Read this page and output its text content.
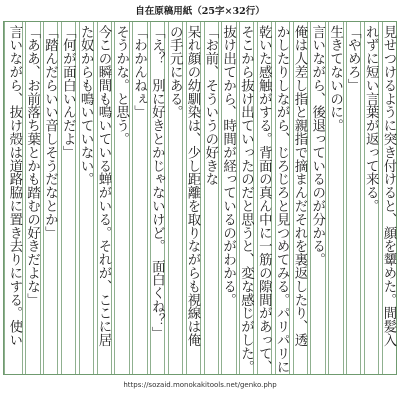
自在原稿用紙（25字×32行）
見せつけるように突き付けると、顔を顰めた。間髪入
れずに短い言葉が返って来る。
「やめろ」
生きてないのに。
言いながら、後退っているのが分かる。
俺は人差し指と親指で摘まんだそれを裏返したり、透
かしたりしながら、じろじろと見つめてみる。パリパリに
乾いた感触がする。背面の真ん中に一筋の隙間があって、
そこから抜け出ていったのだと思うと、変な感じがした。
抜け出てから、時間が経っているのがわかる。
「お前、そういうの好きな
呆れ顔の幼馴染は、少し距離を取りながらも視線は俺
の手元にある。
「え？　別に好きとかじゃないけど。　面白くね？」
「わかんねぇ」
そうかな。と思う。
今この瞬間も鳴いている蝉がいる。それが、ここに居
た奴からも鳴いていない。
「何が面白いんだよ」
「踏んだらいい音しそうだなとか」
「ああ、お前落ち葉とかも踏むの好きだよな」
言いながら、抜け殻は道路脇に置き去りにする。使い
https://sozaid.monokakitools.net/genko.php
